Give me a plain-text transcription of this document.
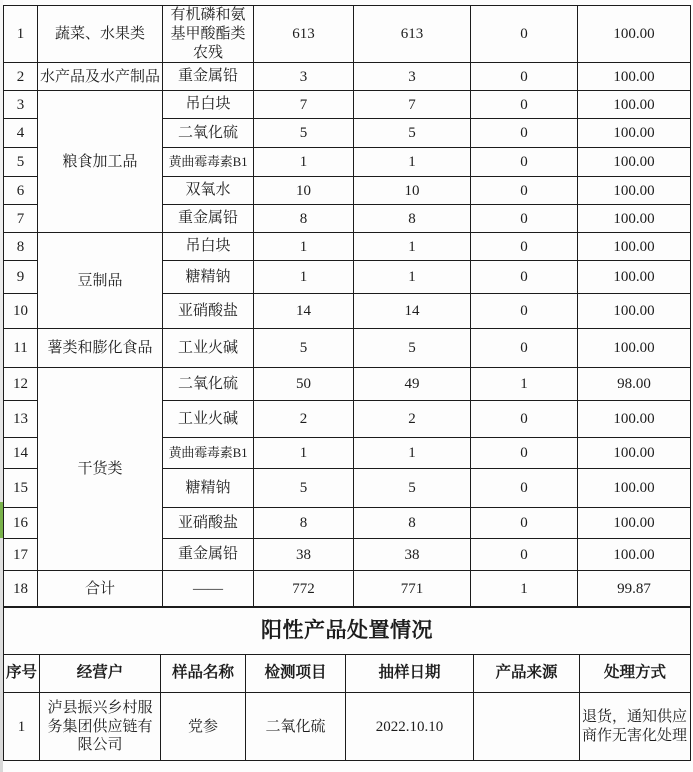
1	蔬菜、水果类	有机磷和氨基甲酸酯类农残	613	613	0	100.00
2	水产品及水产制品	重金属铅	3	3	0	100.00
3	粮食加工品	吊白块	7	7	0	100.00
4		二氧化硫	5	5	0	100.00
5		黄曲霉毒素B1	1	1	0	100.00
6		双氧水	10	10	0	100.00
7		重金属铅	8	8	0	100.00
8	豆制品	吊白块	1	1	0	100.00
9		糖精钠	1	1	0	100.00
10		亚硝酸盐	14	14	0	100.00
11	薯类和膨化食品	工业火碱	5	5	0	100.00
12	干货类	二氧化硫	50	49	1	98.00
13		工业火碱	2	2	0	100.00
14		黄曲霉毒素B1	1	1	0	100.00
15		糖精钠	5	5	0	100.00
16		亚硝酸盐	8	8	0	100.00
17		重金属铅	38	38	0	100.00
18	合计	——	772	771	1	99.87
阳性产品处置情况						
序号	经营户	样品名称	检测项目	抽样日期	产品来源	处理方式
1	泸县振兴乡村服务集团供应链有限公司	党参	二氧化硫	2022.10.10		退货，通知供应商作无害化处理
